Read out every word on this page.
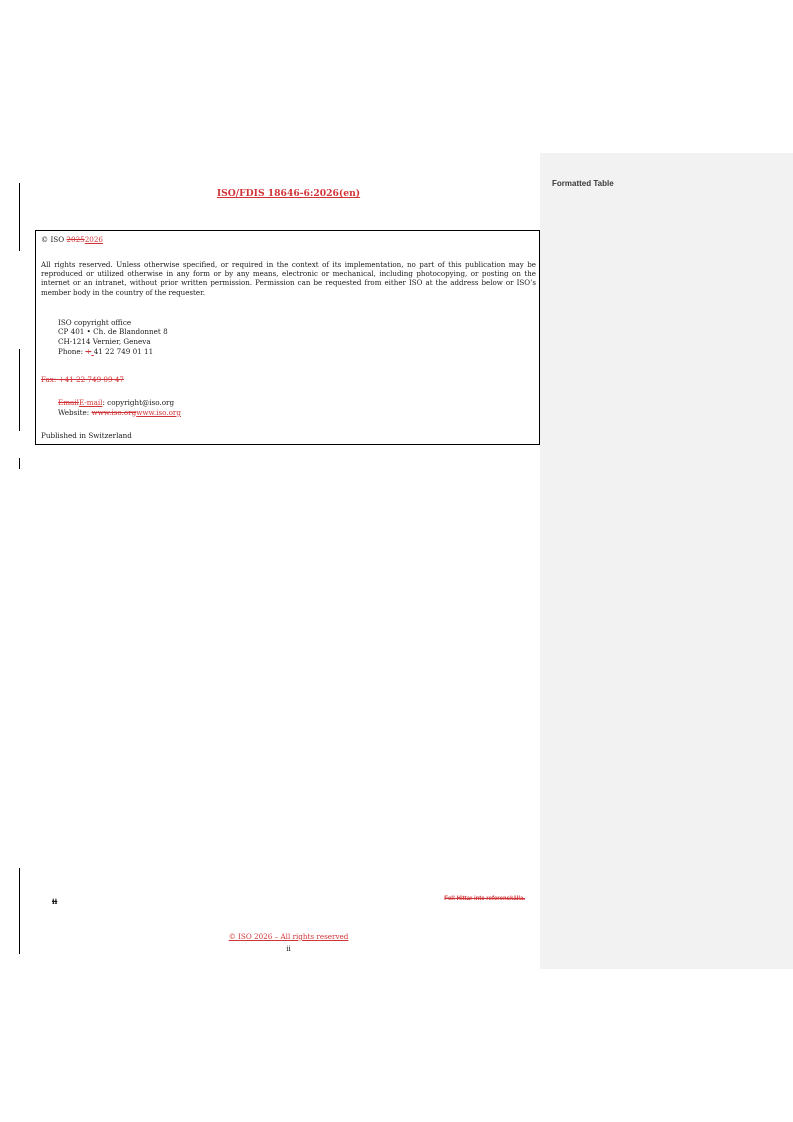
Formatted Table
ISO/FDIS 18646-6:2026(en)
© ISO 20252026
All rights reserved. Unless otherwise specified, or required in the context of its implementation, no part of this publication may be reproduced or utilized otherwise in any form or by any means, electronic or mechanical, including photocopying, or posting on the internet or an intranet, without prior written permission. Permission can be requested from either ISO at the address below or ISO’s member body in the country of the requester.
ISO copyright office
CP 401 • Ch. de Blandonnet 8
CH-1214 Vernier, Geneva
Phone: + 41 22 749 01 11
Fax: +41 22 749 09 47
EmailE-mail: copyright@iso.org
Website: www.iso.orgwww.iso.org
Published in Switzerland
ii	Fel! Hittar inte referenskälla.
© ISO 2026 – All rights reserved
ii
